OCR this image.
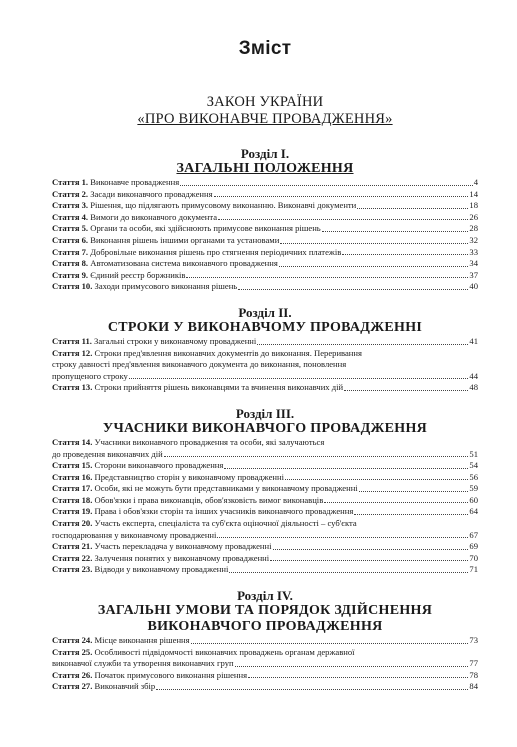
Зміст
ЗАКОН УКРАЇНИ
«ПРО ВИКОНАВЧЕ ПРОВАДЖЕННЯ»
Розділ I.
ЗАГАЛЬНІ ПОЛОЖЕННЯ
Стаття 1. Виконавче провадження	4
Стаття 2. Засади виконавчого провадження	14
Стаття 3. Рішення, що підлягають примусовому виконанню. Виконавчі документи	18
Стаття 4. Вимоги до виконавчого документа	26
Стаття 5. Органи та особи, які здійснюють примусове виконання рішень	28
Стаття 6. Виконання рішень іншими органами та установами	32
Стаття 7. Добровільне виконання рішень про стягнення періодичних платежів	33
Стаття 8. Автоматизована система виконавчого провадження	34
Стаття 9. Єдиний реєстр боржників	37
Стаття 10. Заходи примусового виконання рішень	40
Розділ II.
СТРОКИ У ВИКОНАВЧОМУ ПРОВАДЖЕННІ
Стаття 11. Загальні строки у виконавчому провадженні	41
Стаття 12. Строки пред'явлення виконавчих документів до виконання. Переривання
строку давності пред'явлення виконавчого документа до виконання, поновлення
пропущеного строку	44
Стаття 13. Строки прийняття рішень виконавцями та вчинення виконавчих дій	48
Розділ III.
УЧАСНИКИ ВИКОНАВЧОГО ПРОВАДЖЕННЯ
Стаття 14. Учасники виконавчого провадження та особи, які залучаються
до проведення виконавчих дій	51
Стаття 15. Сторони виконавчого провадження	54
Стаття 16. Представництво сторін у виконавчому провадженні	56
Стаття 17. Особи, які не можуть бути представниками у виконавчому провадженні	59
Стаття 18. Обов'язки і права виконавців, обов'язковість вимог виконавців	60
Стаття 19. Права і обов'язки сторін та інших учасників виконавчого провадження	64
Стаття 20. Участь експерта, спеціаліста та суб'єкта оціночної діяльності – суб'єкта
господарювання у виконавчому провадженні	67
Стаття 21. Участь перекладача у виконавчому провадженні	69
Стаття 22. Залучення понятих у виконавчому провадженні	70
Стаття 23. Відводи у виконавчому провадженні	71
Розділ IV.
ЗАГАЛЬНІ УМОВИ ТА ПОРЯДОК ЗДІЙСНЕННЯ
ВИКОНАВЧОГО ПРОВАДЖЕННЯ
Стаття 24. Місце виконання рішення	73
Стаття 25. Особливості підвідомчості виконавчих проваджень органам державної
виконавчої служби та утворення виконавчих груп	77
Стаття 26. Початок примусового виконання рішення	78
Стаття 27. Виконавчий збір	84
